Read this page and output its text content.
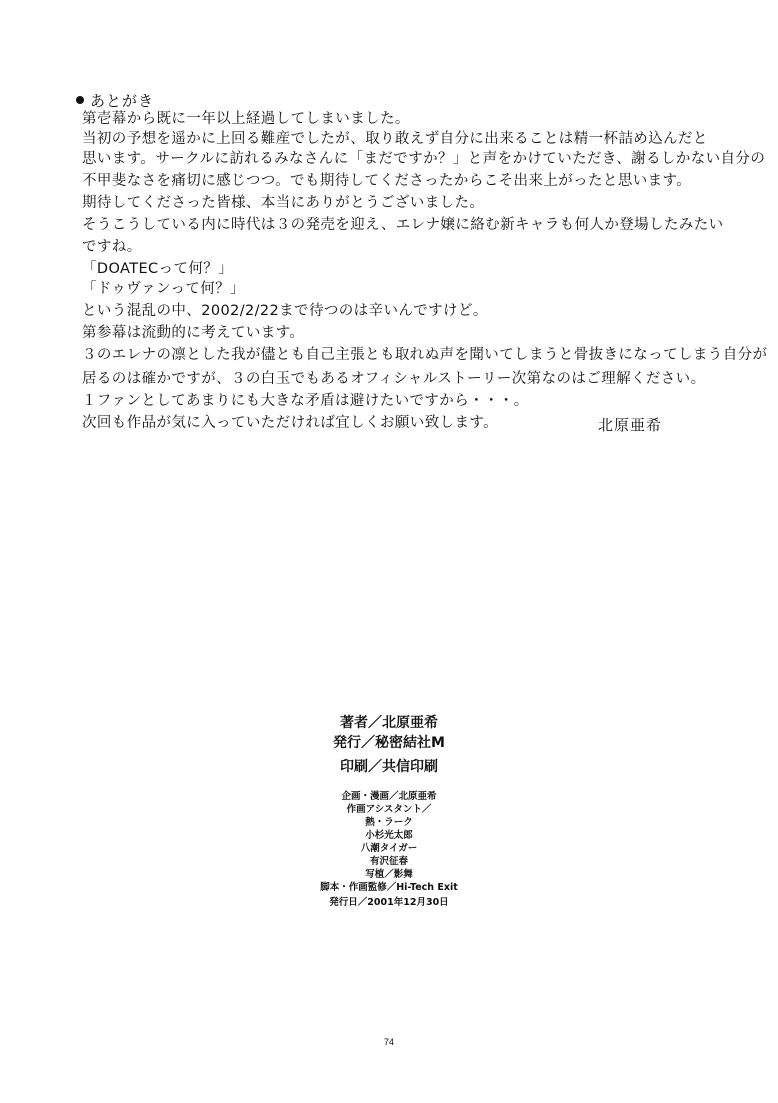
あとがき
第壱幕から既に一年以上経過してしまいました。
当初の予想を遥かに上回る難産でしたが、取り敢えず自分に出来ることは精一杯詰め込んだと
思います。サークルに訪れるみなさんに「まだですか？」と声をかけていただき、謝るしかない自分の
不甲斐なさを痛切に感じつつ。でも期待してくださったからこそ出来上がったと思います。
期待してくださった皆様、本当にありがとうございました。
そうこうしている内に時代は３の発売を迎え、エレナ嬢に絡む新キャラも何人か登場したみたい
ですね。
「DOATECって何？」
「ドゥヴァンって何？」
という混乱の中、2002/2/22まで待つのは辛いんですけど。
第参幕は流動的に考えています。
３のエレナの凛とした我が儘とも自己主張とも取れぬ声を聞いてしまうと骨抜きになってしまう自分が
居るのは確かですが、３の白玉でもあるオフィシャルストーリー次第なのはご理解ください。
１ファンとしてあまりにも大きな矛盾は避けたいですから・・・。
次回も作品が気に入っていただければ宜しくお願い致します。	北原亜希
著者／北原亜希
発行／秘密結社M
印刷／共信印刷
企画・漫画／北原亜希
作画アシスタント／
熱・ラーク
小杉光太郎
八潮タイガー
有沢征春
写植／影舞
脚本・作画監修／Hi-Tech Exit
発行日／2001年12月30日
74
